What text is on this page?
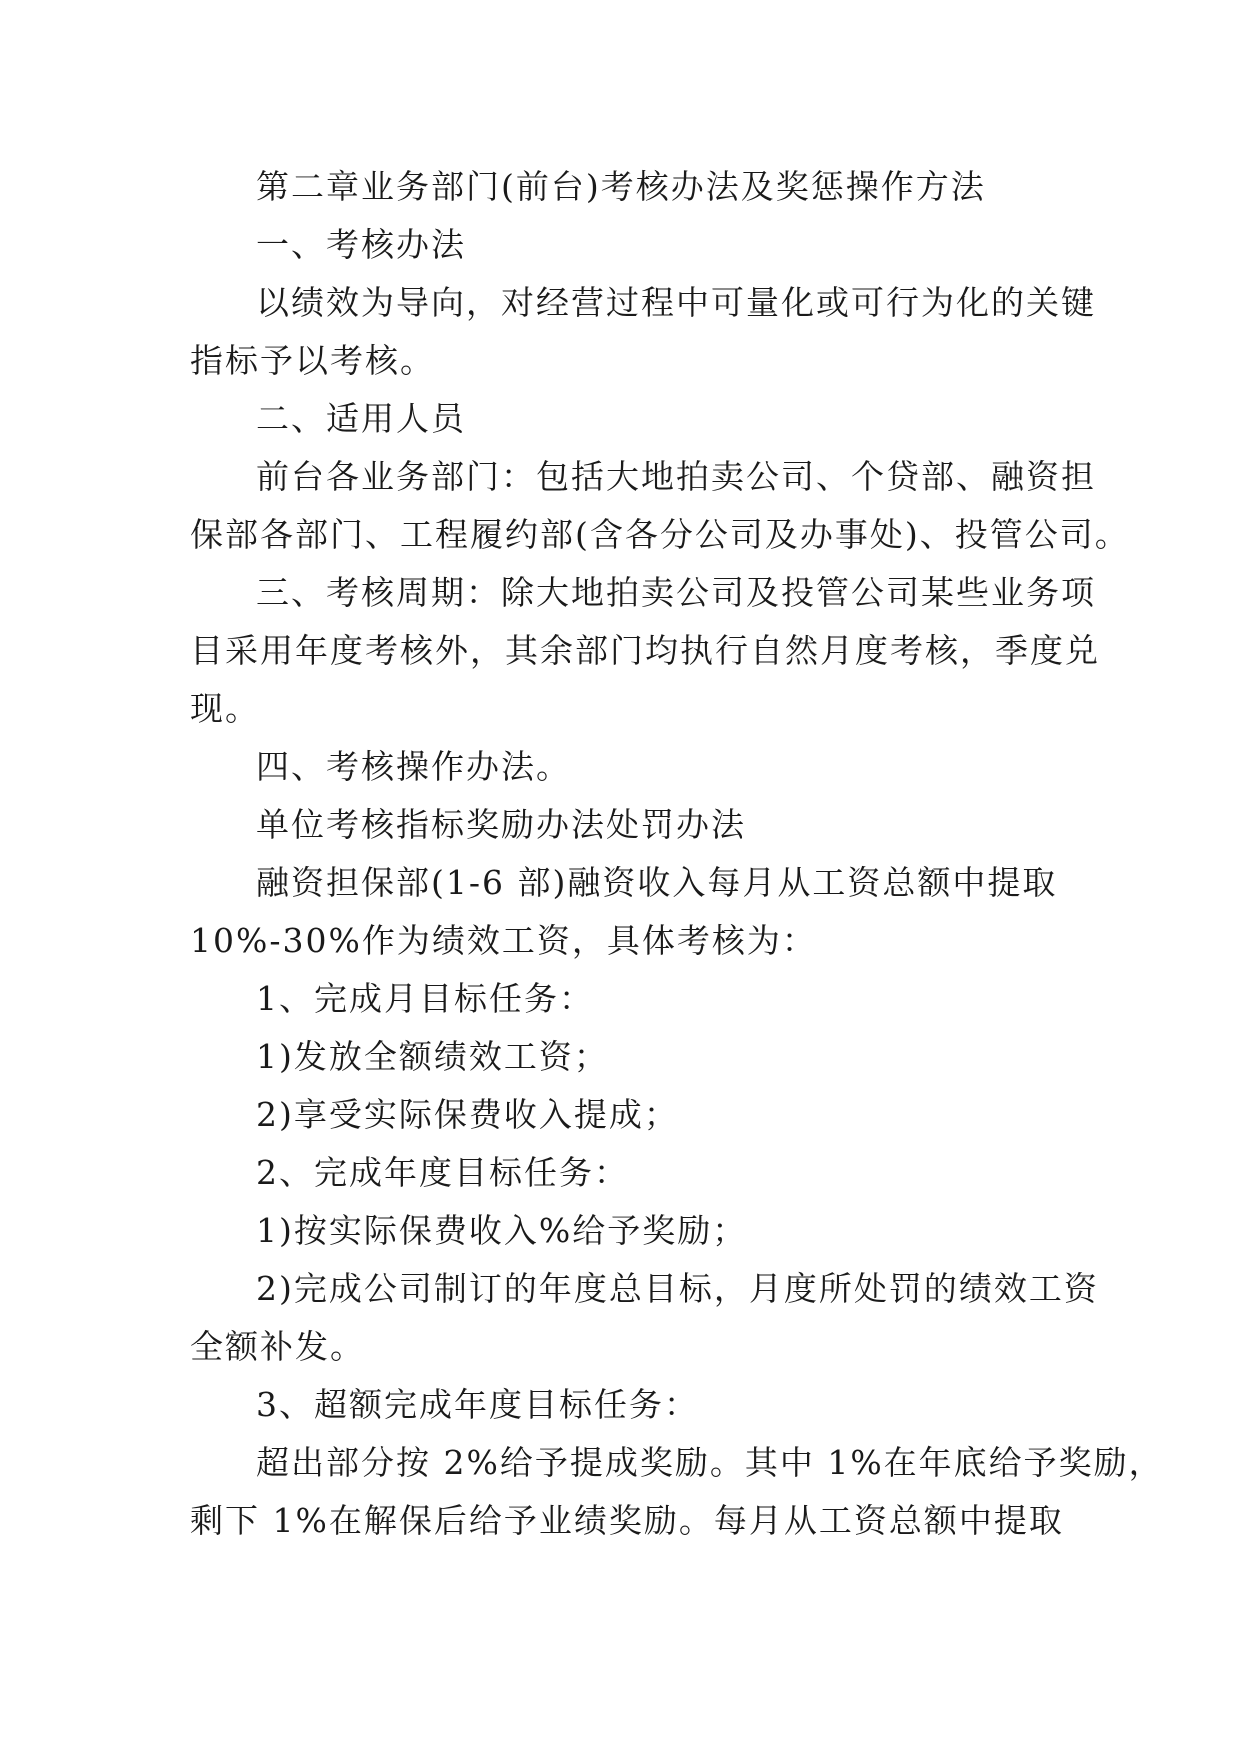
第二章业务部门(前台)考核办法及奖惩操作方法
一、考核办法
以绩效为导向，对经营过程中可量化或可行为化的关键
指标予以考核。
二、适用人员
前台各业务部门：包括大地拍卖公司、个贷部、融资担
保部各部门、工程履约部(含各分公司及办事处)、投管公司。
三、考核周期：除大地拍卖公司及投管公司某些业务项
目采用年度考核外，其余部门均执行自然月度考核，季度兑
现。
四、考核操作办法。
单位考核指标奖励办法处罚办法
融资担保部(1-6 部)融资收入每月从工资总额中提取
10%-30%作为绩效工资，具体考核为：
1、完成月目标任务：
1)发放全额绩效工资；
2)享受实际保费收入提成；
2、完成年度目标任务：
1)按实际保费收入%给予奖励；
2)完成公司制订的年度总目标，月度所处罚的绩效工资
全额补发。
3、超额完成年度目标任务：
超出部分按 2%给予提成奖励。其中 1%在年底给予奖励，
剩下 1%在解保后给予业绩奖励。每月从工资总额中提取
